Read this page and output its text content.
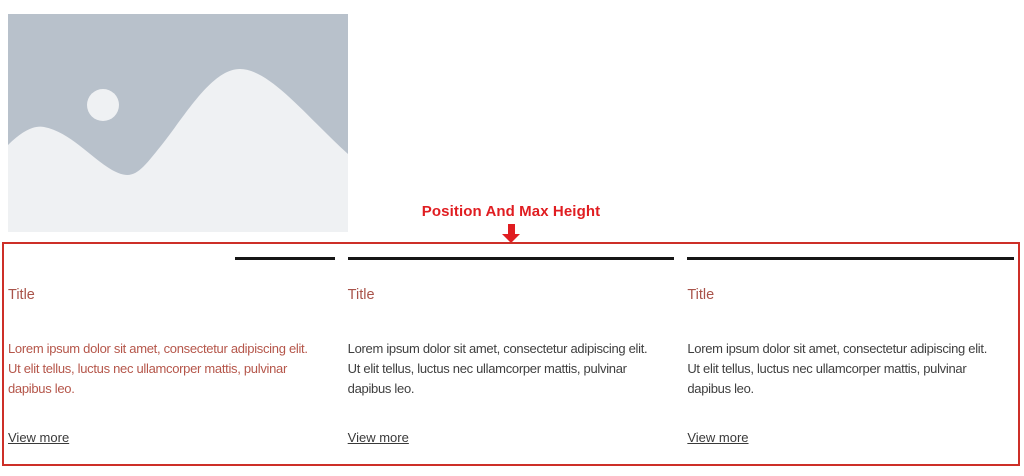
Position And Max Height
Title
Lorem ipsum dolor sit amet, consectetur adipiscing elit.
Ut elit tellus, luctus nec ullamcorper mattis, pulvinar
dapibus leo.
View more
Title
Lorem ipsum dolor sit amet, consectetur adipiscing elit.
Ut elit tellus, luctus nec ullamcorper mattis, pulvinar
dapibus leo.
View more
Title
Lorem ipsum dolor sit amet, consectetur adipiscing elit.
Ut elit tellus, luctus nec ullamcorper mattis, pulvinar
dapibus leo.
View more
